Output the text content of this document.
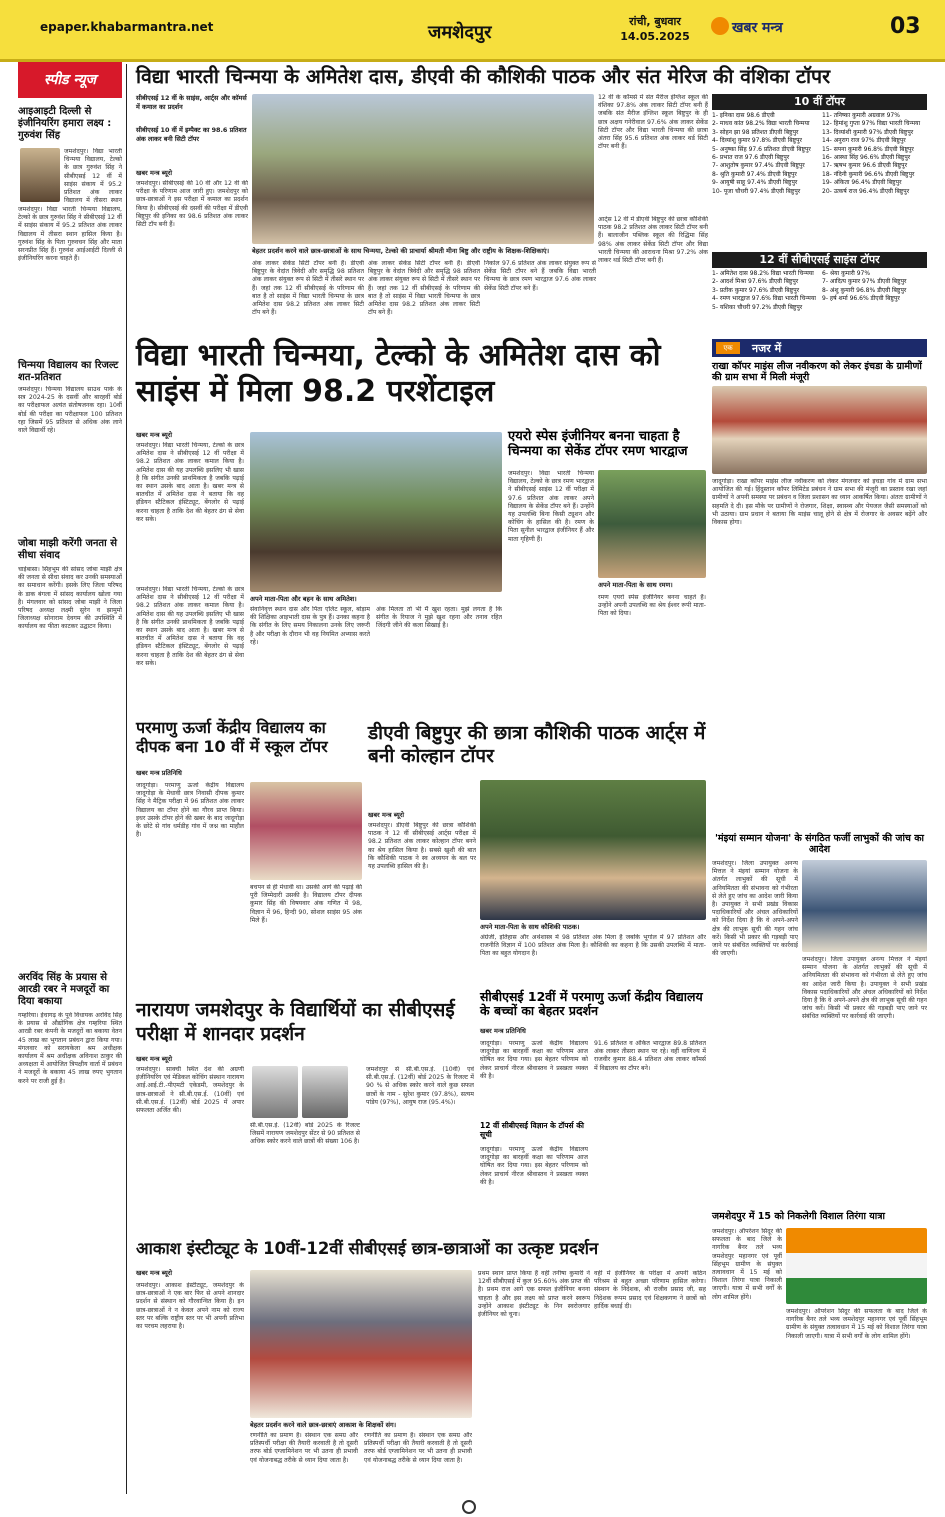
epaper.khabarmantra.net	जमशेदपुर
रांची, बुधवार
14.05.2025
खबर मन्त्र	03
स्पीड न्यूज
आइआइटी दिल्ली से इंजीनियरिंग हमारा लक्ष्य : गुरुवंश सिंह
जमशेदपुर। विद्या भारती चिन्मया विद्यालय, टेल्को के छात्र गुरुवंश सिंह ने सीबीएसई 12 वीं में साइंस संकाय में 95.2 प्रतिशत अंक लाकर विद्यालय में तीसरा स्थान
जमशेदपुर। विद्या भारती चिन्मया विद्यालय, टेल्को के छात्र गुरुवंश सिंह ने सीबीएसई 12 वीं में साइंस संकाय में 95.2 प्रतिशत अंक लाकर विद्यालय में तीसरा स्थान हासिल किया है। गुरुवंश सिंह के पिता गुरुवचन सिंह और माता सरनप्रीत सिंह हैं। गुरुवंश आईआईटी दिल्ली से इंजीनियरिंग करना चाहते हैं।
चिन्मया विद्यालय का रिजल्ट शत-प्रतिशत
जमशेदपुर। चिन्मया विद्यालय साउथ पार्क के सत्र 2024-25 के दसवीं और बारहवीं बोर्ड का परीक्षाफल अत्यंत संतोषजनक रहा। 10वीं बोर्ड की परीक्षा का परीक्षाफल 100 प्रतिशत रहा जिसमें 95 प्रतिशत से अधिक अंक लाने वाले विद्यार्थी रहे।
जोबा माझी करेंगी जनता से सीधा संवाद
चाईबासा। सिंहभूम की सांसद जोबा माझी क्षेत्र की जनता से सीधा संवाद कर उनकी समस्याओं का समाधान करेंगी। इसके लिए जिला परिषद के डाक बंगला में सांसद कार्यालय खोला गया है। मंगलवार को सांसद जोबा माझी ने जिला परिषद अध्यक्ष लक्ष्मी सुरेन व झामुमो जिलाध्यक्ष सोनाराम देवगम की उपस्थिति में कार्यालय का फीता काटकर उद्घाटन किया।
अरविंद सिंह के प्रयास से आरडी रबर ने मजदूरों का दिया बकाया
गम्हरिया। ईचागढ़ के पूर्व विधायक अरविंद सिंह के प्रयास से औद्योगिक क्षेत्र गम्हरिया स्थित आरडी रबर कंपनी के मजदूरों का बकाया वेतन 45 लाख का भुगतान प्रबंधन द्वारा किया गया। मंगलवार को सरायकेला श्रम अधीक्षक कार्यालय में श्रम अधीक्षक अविनाश ठाकुर की अध्यक्षता में आयोजित त्रिपक्षीय वार्ता में प्रबंधन ने मजदूरों के बकाया 45 लाख रुपए भुगतान करने पर राजी हुई है।
विद्या भारती चिन्मया के अमितेश दास, डीएवी की कौशिकी पाठक और संत मेरिज की वंशिका टॉपर
सीबीएसई 12 वीं के साइंस, आर्ट्स और कॉमर्स में कमाल का प्रदर्शन
सीबीएसई 10 वीं में इम्पैक्ट का 98.6 प्रतिशत अंक लाकर बनी सिटी टॉपर
बेहतर प्रदर्शन करने वाले छात्र-छात्राओं के साथ चिन्मया, टेल्को की प्राचार्या श्रीमती मीना बिष्टु और राष्ट्रीय के शिक्षक-शिक्षिकाएं।
खबर मन्त्र ब्यूरो
जमशेदपुर। सीबीएसई की 10 वीं और 12 वीं की परीक्षा के परिणाम आज जारी हुए। जमशेदपुर को छात्र-छात्राओं ने इस परीक्षा में कमाल का प्रदर्शन किया है। सीबीएसई की दसवीं की परीक्षा में डीएवी बिष्टुपुर की इनिका का 98.6 प्रतिशत अंक लाकर सिटी टॉप बनी हैं।
अंक लाकर सेकेंड सिटी टॉपर बनी हैं। डीएवी बिष्टुपुर के वेदांत त्रिवेदी और समृद्धि 98 प्रतिशत अंक लाकर संयुक्त रूप से सिटी में तीसरे स्थान पर हैं। जहां तक 12 वीं सीबीएसई के परिणाम की बात है तो साइंस में विद्या भारती चिन्मया के छात्र अमितेश दास 98.2 प्रतिशत अंक लाकर सिटी टॉप बने हैं।
अंक लाकर सेकेंड सिटी टॉपर बनी हैं। डीएवी बिष्टुपुर के वेदांत त्रिवेदी और समृद्धि 98 प्रतिशत अंक लाकर संयुक्त रूप से सिटी में तीसरे स्थान पर हैं। जहां तक 12 वीं सीबीएसई के परिणाम की बात है तो साइंस में विद्या भारती चिन्मया के छात्र अमितेश दास 98.2 प्रतिशत अंक लाकर सिटी टॉप बने हैं।
निकोल 97.6 प्रतिशत अंक लाकर संयुक्त रूप से सेकेंड सिटी टॉपर बने हैं जबकि विद्या भारती चिन्मया के छात्र रमण भारद्वाज 97.6 अंक लाकर सेकेंड सिटी टॉपर बने हैं।
12 वीं के कॉमर्स में संत मैरीज इंग्लिश स्कूल की वंशिका 97.8% अंक लाकर सिटी टॉपर बनी हैं जबकि संत मैरीज इंग्लिश स्कूल बिष्टुपुर के ही छात्र अक्षय गनेरीवाल 97.6% अंक लाकर सेकेंड सिटी टॉपर और विद्या भारती चिन्मया की छात्रा अंतरा सिंह 95.6 प्रतिशत अंक लाकर थर्ड सिटी टॉपर बनी हैं।
आर्ट्स 12 वीं में डीएवी बिष्टुपुर की छात्रा कौशिकी पाठक 98.2 प्रतिशत अंक लाकर सिटी टॉपर बनी हैं। बालाजीन पब्लिक स्कूल की रिद्धिमा सिंह 98% अंक लाकर सेकेंड सिटी टॉपर और विद्या भारती चिन्मया की आराधना मिश्रा 97.2% अंक लाकर थर्ड सिटी टॉपर बनी हैं।
10 वीं टॉपर
1- इनिका दास 98.6 डीएवी
2- माधव कांत 98.2% विद्या भारती चिन्मया
3- सोहन झा 98 प्रतिशत डीएवी बिष्टुपुर
4- दिव्यांशु कुमार 97.8% डीएवी बिष्टुपुर
5- अनुष्का सिंह 97.6 प्रतिशत डीएवी बिष्टुपुर
6- प्रभात राज 97.6 डीएवी बिष्टुपुर
7- आशुतोष कुमार 97.4% डीएवी बिष्टुपुर
8- श्रुति कुमारी 97.4% डीएवी बिष्टुपुर
9- आयुषी साहू 97.4% डीएवी बिष्टुपुर
10- पूजा चौधरी 97.4% डीएवी बिष्टुपुर
11- तनिष्का कुमारी अग्रवाल 97%
12- हिमांशु गुप्ता 97% विद्या भारती चिन्मया
13- दिव्यांशी कुमारी 97% डीएवी बिष्टुपुर
14- अनुराग राज 97% डीएवी बिष्टुपुर
15- सपना कुमारी 96.8% डीएवी बिष्टुपुर
16- आस्था सिंह 96.6% डीएवी बिष्टुपुर
17- ऋषभ कुमार 96.6 डीएवी बिष्टुपुर
18- नंदिनी कुमारी 96.6% डीएवी बिष्टुपुर
19- अंकिता 96.4% डीएवी बिष्टुपुर
20- उत्कर्ष राज 96.4% डीएवी बिष्टुपुर
12 वीं सीबीएसई साइंस टॉपर
1- अमितेश दास 98.2% विद्या भारती चिन्मया
2- आदर्श मिश्रा 97.6% डीएवी बिष्टुपुर
3- प्रतीक कुमार 97.6% डीएवी बिष्टुपुर
4- रमण भारद्वाज 97.6% विद्या भारती चिन्मया
5- यशिका चौधरी 97.2% डीएवी बिष्टुपुर
6- श्रेया कुमारी 97%
7- आदित्य कुमार 97% डीएवी बिष्टुपुर
8- अंशु कुमारी 96.8% डीएवी बिष्टुपुर
9- हर्ष शर्मा 96.6% डीएवी बिष्टुपुर
विद्या भारती चिन्मया, टेल्को के अमितेश दास को साइंस में मिला 98.2 परशेंटाइल
खबर मन्त्र ब्यूरो
जमशेदपुर। विद्या भारती चिन्मया, टेल्को के छात्र अमितेश दास ने सीबीएसई 12 वीं परीक्षा में 98.2 प्रतिशत अंक लाकर कमाल किया है। अमितेश दास की यह उपलब्धि इसलिए भी खास है कि संगीत उनकी प्राथमिकता है जबकि पढ़ाई का स्थान उसके बाद आता है। खबर मन्त्र से बातचीत में अमितेश दास ने बताया कि वह इंडियन स्टैटिकल इंस्टिट्यूट, बेंगलोर से पढ़ाई करना चाहता है ताकि देश की बेहतर ढंग से सेवा कर सके।
अपने माता-पिता और बहन के साथ अमितेश।
सेवानिवृत्त स्थान दास और पिता एलिट स्कूल, बोड़ाम की शिक्षिका आइभाती दास के पुत्र हैं। उनका कहना है कि संगीत के लिए समय निकालना उनके लिए जरूरी है और परीक्षा के दौरान भी वह नियमित अभ्यास करते रहे।
अंक मिलता तो भी मैं खुश रहता। मुझे लगता है कि संगीत के रियाज ने मुझे खुश रहना और तनाव रहित जिंदगी जीने की कला सिखाई है।
जमशेदपुर। विद्या भारती चिन्मया, टेल्को के छात्र अमितेश दास ने सीबीएसई 12 वीं परीक्षा में 98.2 प्रतिशत अंक लाकर कमाल किया है। अमितेश दास की यह उपलब्धि इसलिए भी खास है कि संगीत उनकी प्राथमिकता है जबकि पढ़ाई का स्थान उसके बाद आता है। खबर मन्त्र से बातचीत में अमितेश दास ने बताया कि वह इंडियन स्टैटिकल इंस्टिट्यूट, बेंगलोर से पढ़ाई करना चाहता है ताकि देश की बेहतर ढंग से सेवा कर सके।
एयरो स्पेस इंजीनियर बनना चाहता है चिन्मया का सेकेंड टॉपर रमण भारद्वाज
जमशेदपुर। विद्या भारती चिन्मया विद्यालय, टेल्को के छात्र रमण भारद्वाज ने सीबीएसई साइंस 12 वीं परीक्षा में 97.6 प्रतिशत अंक लाकर अपने विद्यालय के सेकेंड टॉपर बने हैं। उन्होंने यह उपलब्धि बिना किसी ट्यूशन और कोचिंग के हासिल की है। रमण के पिता सुनील भारद्वाज इंजीनियर हैं और माता गृहिणी हैं।
अपने माता-पिता के साथ रमण।
रमण एयरो स्पेस इंजीनियर बनना चाहते हैं। उन्होंने अपनी उपलब्धि का श्रेय ईश्वर रूपी माता-पिता को दिया।
नजर में
एक
राखा कॉपर माइंस लीज नवीकरण को लेकर इंचडा के ग्रामीणों की ग्राम सभा में मिली मंजूरी
जादूगोड़ा। राखा कॉपर माइंस लीज नवीकरण को लेकर मंगलवार को इचड़ा गांव में ग्राम सभा आयोजित की गई। हिंदुस्तान कॉपर लिमिटेड प्रबंधन ने ग्राम सभा की मंजूरी का प्रस्ताव रखा जहां ग्रामीणों ने अपनी समस्या पर प्रबंधन व जिला प्रशासन का ध्यान आकर्षित किया। अंततः ग्रामीणों ने सहमति दे दी। इस मौके पर ग्रामीणों ने रोजगार, शिक्षा, स्वास्थ्य और पेयजल जैसी समस्याओं को भी उठाया। ग्राम प्रधान ने बताया कि माइंस चालू होने से क्षेत्र में रोजगार के अवसर बढ़ेंगे और विकास होगा।
'मंइयां सम्मान योजना' के संगठित फर्जी लाभुकों की जांच का आदेश
जमशेदपुर। जिला उपायुक्त अनन्य मित्तल ने मंइयां सम्मान योजना के अंतर्गत लाभुकों की सूची में अनियमितता की संभावना को गंभीरता से लेते हुए जांच का आदेश जारी किया है। उपायुक्त ने सभी प्रखंड विकास पदाधिकारियों और अंचल अधिकारियों को निर्देश दिया है कि वे अपने-अपने क्षेत्र की लाभुक सूची की गहन जांच करें। किसी भी प्रकार की गड़बड़ी पाए जाने पर संबंधित व्यक्तियों पर कार्रवाई की जाएगी।
जमशेदपुर। जिला उपायुक्त अनन्य मित्तल ने मंइयां सम्मान योजना के अंतर्गत लाभुकों की सूची में अनियमितता की संभावना को गंभीरता से लेते हुए जांच का आदेश जारी किया है। उपायुक्त ने सभी प्रखंड विकास पदाधिकारियों और अंचल अधिकारियों को निर्देश दिया है कि वे अपने-अपने क्षेत्र की लाभुक सूची की गहन जांच करें। किसी भी प्रकार की गड़बड़ी पाए जाने पर संबंधित व्यक्तियों पर कार्रवाई की जाएगी।
जमशेदपुर में 15 को निकलेगी विशाल तिरंगा यात्रा
जमशेदपुर। ऑपरेशन सिंदूर की सफलता के बाद जिले के नागरिक बैनर तले भव्य जमशेदपुर महानगर एवं पूर्वी सिंहभूम ग्रामीण के संयुक्त तत्वावधान में 15 मई को विशाल तिरंगा यात्रा निकाली जाएगी। यात्रा में सभी वर्गों के लोग शामिल होंगे।
जमशेदपुर। ऑपरेशन सिंदूर की सफलता के बाद जिले के नागरिक बैनर तले भव्य जमशेदपुर महानगर एवं पूर्वी सिंहभूम ग्रामीण के संयुक्त तत्वावधान में 15 मई को विशाल तिरंगा यात्रा निकाली जाएगी। यात्रा में सभी वर्गों के लोग शामिल होंगे।
परमाणु ऊर्जा केंद्रीय विद्यालय का दीपक बना 10 वीं में स्कूल टॉपर
खबर मन्त्र प्रतिनिधि
जादूगोड़ा। परमाणु ऊर्जा केंद्रीय विद्यालय जादूगोड़ा के मेधावी छात्र निवासी दीपक कुमार सिंह ने मैट्रिक परीक्षा में 96 प्रतिशत अंक लाकर विद्यालय का टॉपर होने का गौरव प्राप्त किया। इधर उसके टॉपर होने की खबर के बाद जादूगोड़ा के छोटे से गांव धर्मडीह गांव में जश्न का माहौल है।
बचपन से ही मेधावी था। उसकी आगे की पढ़ाई की पूरी जिम्मेदारी उसकी है। विद्यालय टॉपर दीपक कुमार सिंह की विषयवार अंक गणित में 98, विज्ञान में 96, हिन्दी 90, सोशल साइंस 95 अंक मिले हैं।
डीएवी बिष्टुपुर की छात्रा कौशिकी पाठक आर्ट्स में बनी कोल्हान टॉपर
खबर मन्त्र ब्यूरो
जमशेदपुर। डीएवी बिष्टुपुर की छात्रा कौशिकी पाठक ने 12 वीं सीबीएसई आर्ट्स परीक्षा में 98.2 प्रतिशत अंक लाकर कोल्हान टॉपर बनने का श्रेय हासिल किया है। सबसे खुशी की बात कि कौशिकी पाठक ने स्व अध्ययन के बल पर यह उपलब्धि हासिल की है।
अपने माता-पिता के साथ कौशिकी पाठक।
अंग्रेजी, इतिहास और अर्थशास्त्र में 98 प्रतिशत अंक मिला है जबकि भूगोल में 97 प्रतिशत और राजनीति विज्ञान में 100 प्रतिशत अंक मिला है। कौशिकी का कहना है कि उसकी उपलब्धि में माता-पिता का बहुत योगदान है।
नारायण जमशेदपुर के विद्यार्थियों का सीबीएसई परीक्षा में शानदार प्रदर्शन
खबर मन्त्र ब्यूरो
जमशेदपुर। साक्ची स्थित देश की अग्रणी इंजीनियरिंग एवं मेडिकल कोचिंग संस्थान नारायण आई.आई.टी.-पीएमटी एकेडमी, जमशेदपुर के छात्र-छात्राओं ने सी.बी.एस.ई. (10वीं) एवं सी.बी.एस.ई. (12वीं) बोर्ड 2025 में अपार सफलता अर्जित की।
सी.बी.एस.ई. (12वीं) बोर्ड 2025 के रिजल्ट जिसमें नारायण जमशेदपुर सेंटर से 90 प्रतिशत से अधिक स्कोर करने वाले छात्रों की संख्या 106 है।
जमशेदपुर से सी.बी.एस.ई. (10वीं) एवं सी.बी.एस.ई. (12वीं) बोर्ड 2025 के रिजल्ट में 90 % से अधिक स्कोर करने वाले कुछ सफल छात्रों के नाम - सुरेश कुमार (97.8%), सत्यम पांडेय (97%), आयुष राज (95.4%)।
सीबीएसई 12वीं में परमाणु ऊर्जा केंद्रीय विद्यालय के बच्चों का बेहतर प्रदर्शन
खबर मन्त्र प्रतिनिधि
जादूगोड़ा। परमाणु ऊर्जा केंद्रीय विद्यालय जादूगोड़ा का बारहवीं कक्षा का परिणाम आज घोषित कर दिया गया। इस बेहतर परिणाम को लेकर प्राचार्य नीरज श्रीवास्तव ने प्रसन्नता व्यक्त की है।
12 वीं सीबीएसई विज्ञान के टॉपर्स की सूची
जादूगोड़ा। परमाणु ऊर्जा केंद्रीय विद्यालय जादूगोड़ा का बारहवीं कक्षा का परिणाम आज घोषित कर दिया गया। इस बेहतर परिणाम को लेकर प्राचार्य नीरज श्रीवास्तव ने प्रसन्नता व्यक्त की है।
91.6 प्रतिशत व अंकित भारद्वाज 89.8 प्रतिशत अंक लाकर तीसरा स्थान पर रहे। वहीं वाणिज्य में राजवीर कुमार 88.4 प्रतिशत अंक लाकर कॉमर्स में विद्यालय का टॉपर बने।
आकाश इंस्टीट्यूट के 10वीं-12वीं सीबीएसई छात्र-छात्राओं का उत्कृष्ट प्रदर्शन
खबर मन्त्र ब्यूरो
जमशेदपुर। आकाश इंस्टीट्यूट, जमशेदपुर के छात्र-छात्राओं ने एक बार फिर से अपने शानदार प्रदर्शन से संस्थान को गौरवान्वित किया है। इन छात्र-छात्राओं ने न केवल अपने नाम को राज्य स्तर पर बल्कि राष्ट्रीय स्तर पर भी अपनी प्रतिभा का परचम लहराया है।
बेहतर प्रदर्शन करने वाले छात्र-छात्राएं आकाश के शिक्षकों संग।
रणनीति का प्रमाण है। संस्थान एक समग्र और प्रतिस्पर्धी परीक्षा की तैयारी करवाती है तो दूसरी तरफ बोर्ड एग्जामिनेशन पर भी उतना ही प्रभावी एवं योजनाबद्ध तरीके से ध्यान दिया जाता है।
रणनीति का प्रमाण है। संस्थान एक समग्र और प्रतिस्पर्धी परीक्षा की तैयारी करवाती है तो दूसरी तरफ बोर्ड एग्जामिनेशन पर भी उतना ही प्रभावी एवं योजनाबद्ध तरीके से ध्यान दिया जाता है।
प्रथम स्थान प्राप्त किया है वहीं तनीषा कुमारी ने 12वीं सीबीएसई में कुल 95.60% अंक प्राप्त की है। प्रथम राज आगे एक सफल इंजीनियर बनना चाहता है और इस लक्ष्य को प्राप्त करने स्वरूप उन्होंने आकाश इंस्टीट्यूट के निन स्वरोजगार इंजीनियर को चुना।
वहीं में इंजीनियर के परीक्षा में अपनी कठिन परिश्रम से बहुत अच्छा परिणाम हासिल करेगा। संस्थान के निदेशक, श्री राजीव प्रसाद जी, सह निदेशक रूपम प्रसाद एवं शिक्षकगण ने छात्रों को हार्दिक बधाई दी।
